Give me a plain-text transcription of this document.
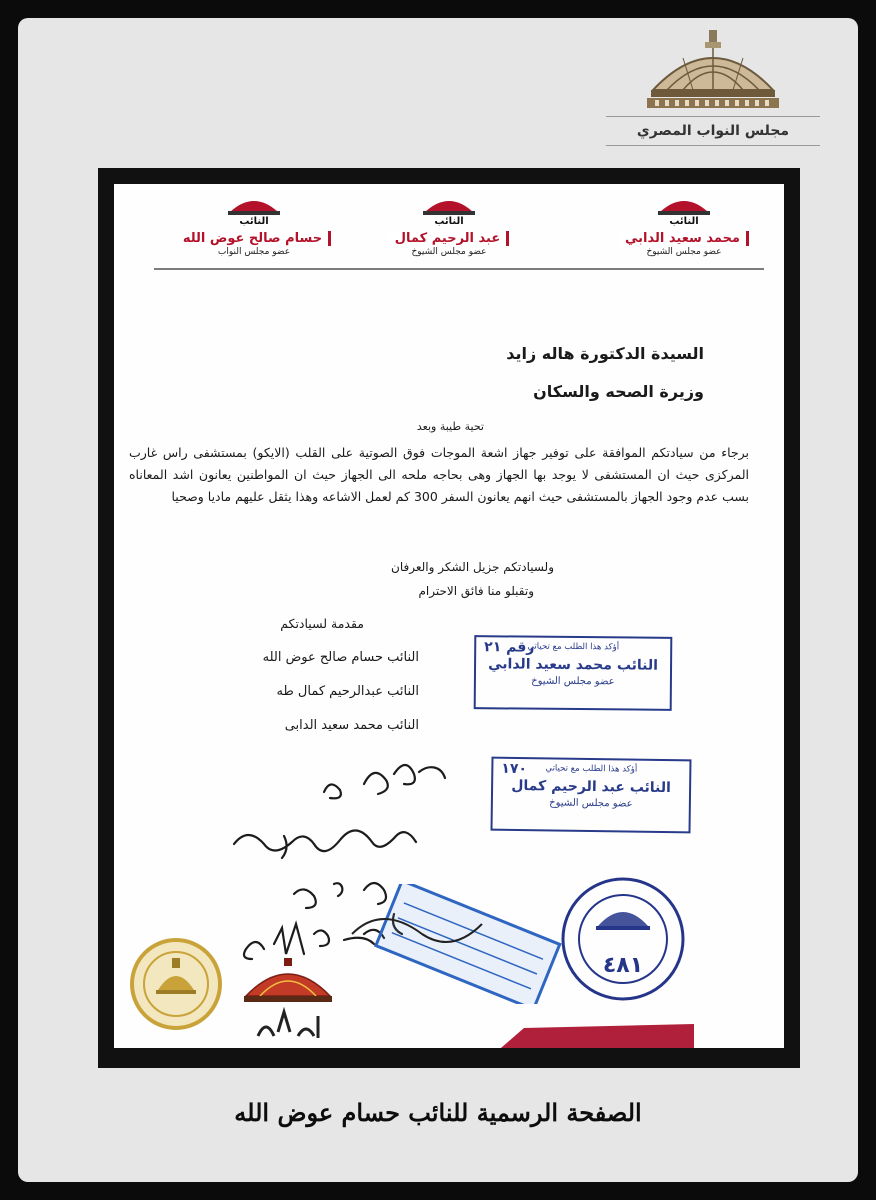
مجلس النواب المصري
النائب
محمد سعيد الدابي
عضو مجلس الشيوخ
النائب
عبد الرحيم كمال
عضو مجلس الشيوخ
النائب
حسام صالح عوض الله
عضو مجلس النواب
السيدة الدكتورة هاله زايد
وزيرة الصحه والسكان
تحية طيبة وبعد
برجاء من سيادتكم الموافقة على توفير جهاز اشعة الموجات فوق الصوتية على القلب (الايكو) بمستشفى راس غارب المركزى حيث ان المستشفى لا يوجد بها الجهاز وهى بحاجه ملحه الى الجهاز حيث ان المواطنين يعانون اشد المعاناه بسب عدم وجود الجهاز بالمستشفى حيث انهم يعانون السفر 300 كم لعمل الاشاعه وهذا يثقل عليهم ماديا وصحيا
ولسيادتكم جزيل الشكر والعرفان
وتقبلو منا فائق الاحترام
مقدمة لسيادتكم
النائب حسام صالح عوض الله
النائب عبدالرحيم كمال طه
النائب محمد سعيد الدابى
رقم ٢١
أؤكد هذا الطلب مع تحياتي
النائب محمد سعيد الدابي
عضو مجلس الشيوخ
١٧٠	أؤكد هذا الطلب مع تحياتي
النائب عبد الرحيم كمال
عضو مجلس الشيوخ
٤٨١
الصفحة الرسمية للنائب حسام عوض الله
